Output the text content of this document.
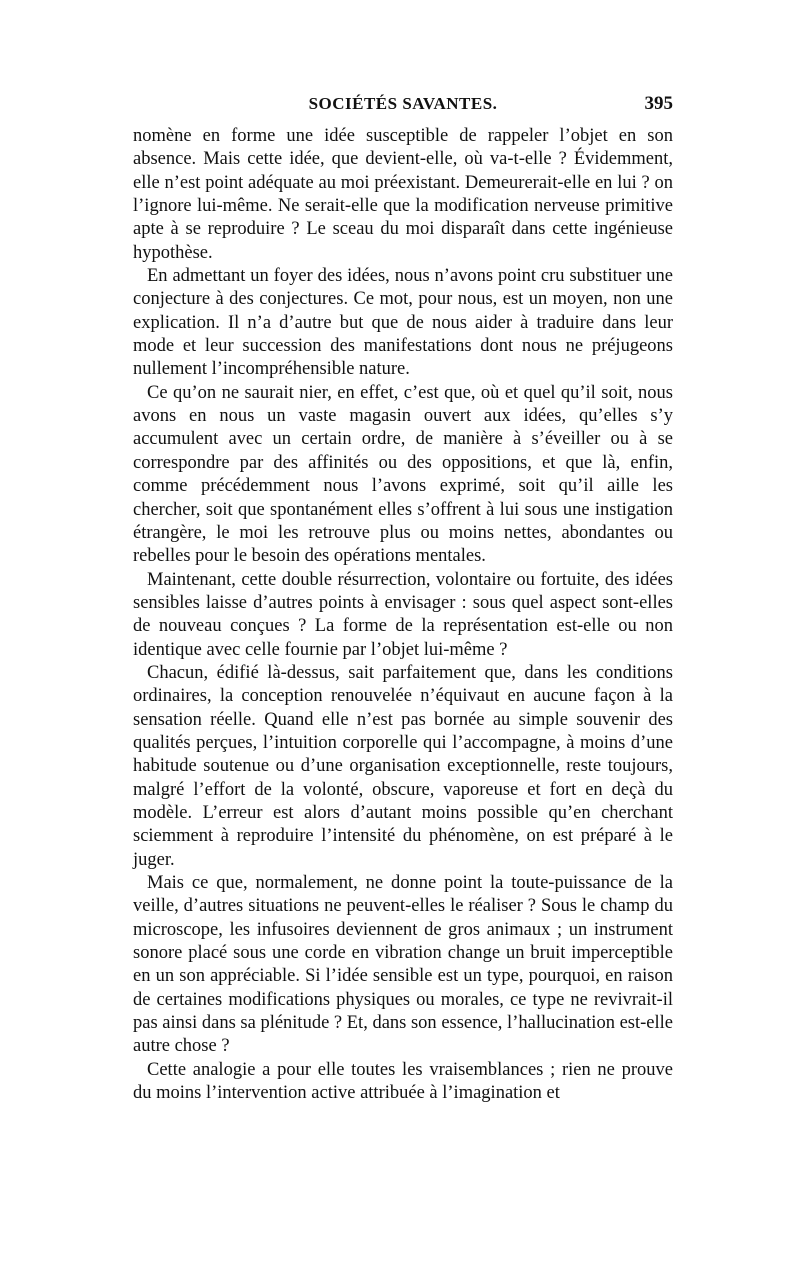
SOCIÉTÉS SAVANTES.	395

nomène en forme une idée susceptible de rappeler l’objet en son absence. Mais cette idée, que devient-elle, où va-t-elle ? Évidemment, elle n’est point adéquate au moi préexistant. Demeurerait-elle en lui ? on l’ignore lui-même. Ne serait-elle que la modification nerveuse primitive apte à se reproduire ? Le sceau du moi disparaît dans cette ingénieuse hypothèse.

En admettant un foyer des idées, nous n’avons point cru substituer une conjecture à des conjectures. Ce mot, pour nous, est un moyen, non une explication. Il n’a d’autre but que de nous aider à traduire dans leur mode et leur succession des manifestations dont nous ne préjugeons nullement l’incompréhensible nature.

Ce qu’on ne saurait nier, en effet, c’est que, où et quel qu’il soit, nous avons en nous un vaste magasin ouvert aux idées, qu’elles s’y accumulent avec un certain ordre, de manière à s’éveiller ou à se correspondre par des affinités ou des oppositions, et que là, enfin, comme précédemment nous l’avons exprimé, soit qu’il aille les chercher, soit que spontanément elles s’offrent à lui sous une instigation étrangère, le moi les retrouve plus ou moins nettes, abondantes ou rebelles pour le besoin des opérations mentales.

Maintenant, cette double résurrection, volontaire ou fortuite, des idées sensibles laisse d’autres points à envisager : sous quel aspect sont-elles de nouveau conçues ? La forme de la représentation est-elle ou non identique avec celle fournie par l’objet lui-même ?

Chacun, édifié là-dessus, sait parfaitement que, dans les conditions ordinaires, la conception renouvelée n’équivaut en aucune façon à la sensation réelle. Quand elle n’est pas bornée au simple souvenir des qualités perçues, l’intuition corporelle qui l’accompagne, à moins d’une habitude soutenue ou d’une organisation exceptionnelle, reste toujours, malgré l’effort de la volonté, obscure, vaporeuse et fort en deçà du modèle. L’erreur est alors d’autant moins possible qu’en cherchant sciemment à reproduire l’intensité du phénomène, on est préparé à le juger.

Mais ce que, normalement, ne donne point la toute-puissance de la veille, d’autres situations ne peuvent-elles le réaliser ? Sous le champ du microscope, les infusoires deviennent de gros animaux ; un instrument sonore placé sous une corde en vibration change un bruit imperceptible en un son appréciable. Si l’idée sensible est un type, pourquoi, en raison de certaines modifications physiques ou morales, ce type ne revivrait-il pas ainsi dans sa plénitude ? Et, dans son essence, l’hallucination est-elle autre chose ?

Cette analogie a pour elle toutes les vraisemblances ; rien ne prouve du moins l’intervention active attribuée à l’imagination et
